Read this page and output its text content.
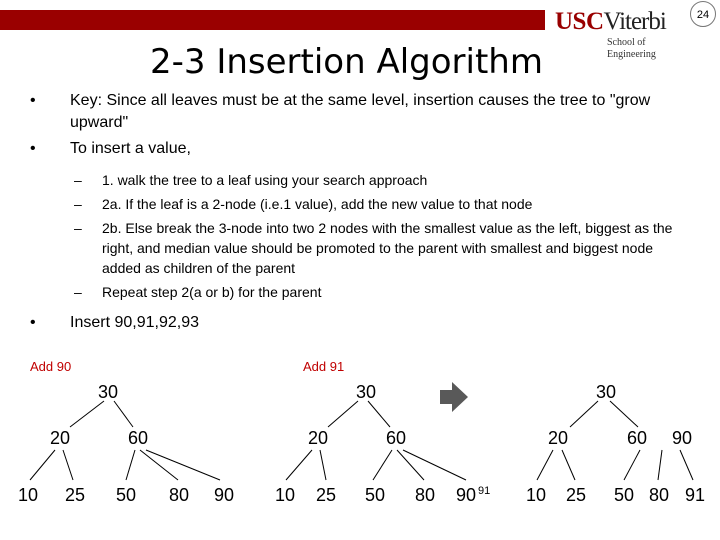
24
USCViterbi
School of Engineering
2-3 Insertion Algorithm
• Key: Since all leaves must be at the same level, insertion causes the tree to "grow upward"
• To insert a value,
– 1. walk the tree to a leaf using your search approach
– 2a. If the leaf is a 2-node (i.e.1 value), add the new value to that node
– 2b. Else break the 3-node into two 2 nodes with the smallest value as the left, biggest as the right, and median value should be promoted to the parent with smallest and biggest node added as children of the parent
– Repeat step 2(a or b) for the parent
• Insert 90,91,92,93
Add 90	Add 91
30
20	60
10 25 50 80 90
30
20	60
10 25 50 80 90 91
30
20	60 90
10 25 50 80 91
